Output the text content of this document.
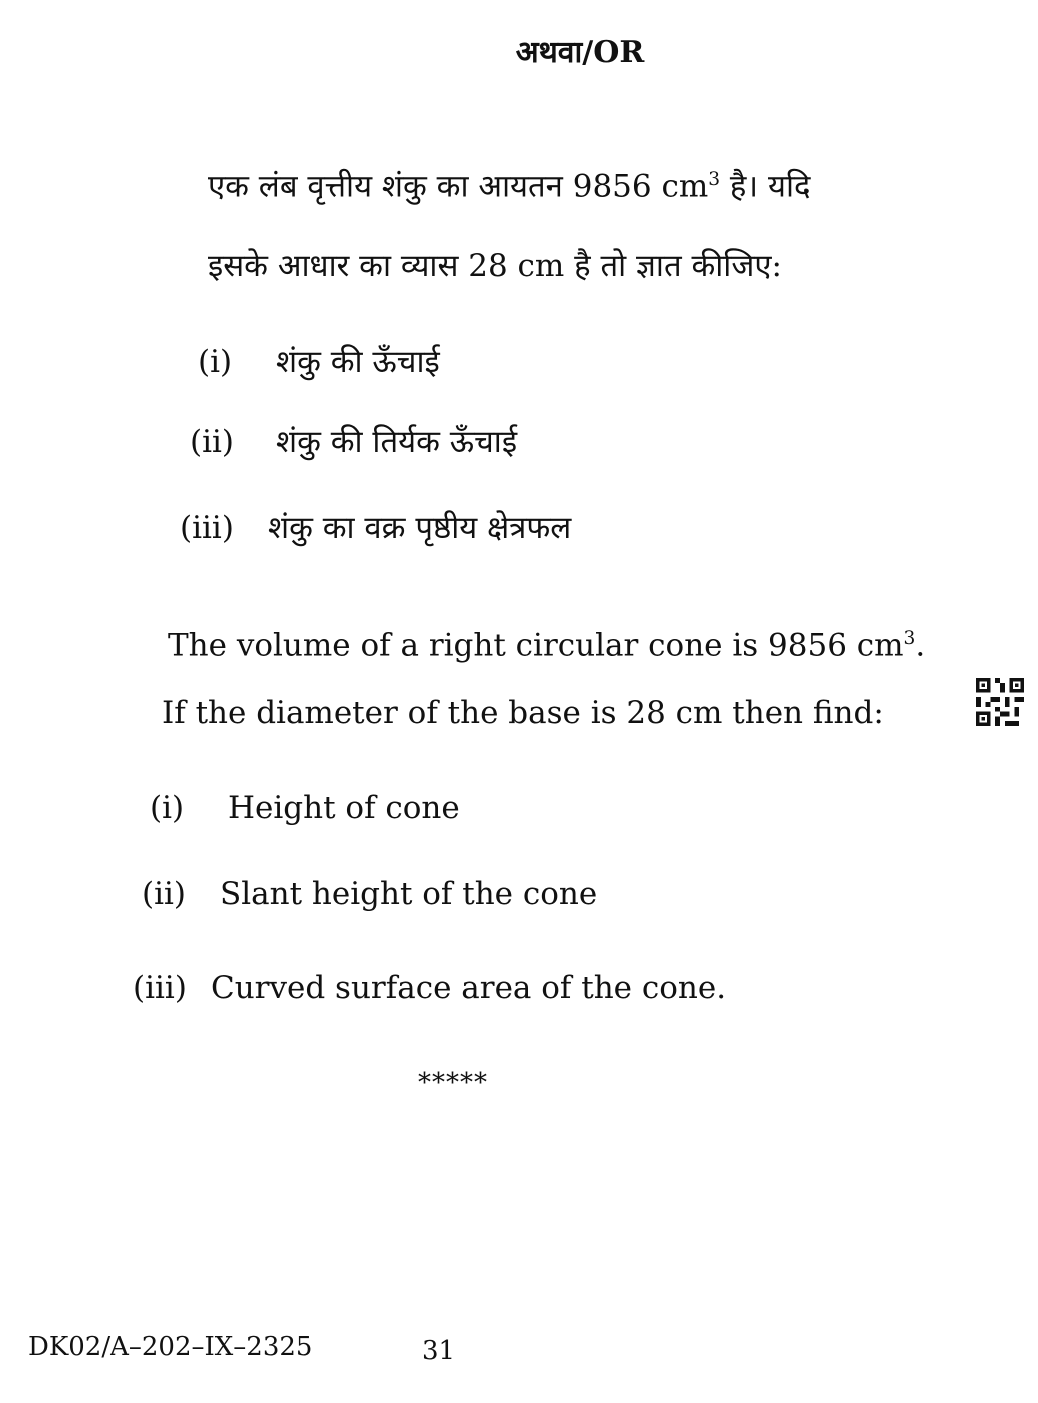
अथवा/OR
एक लंब वृत्तीय शंकु का आयतन 9856 $cm^3$ है। यदि
इसके आधार का व्यास 28 cm है तो ज्ञात कीजिए:
(i)	शंकु की ऊँचाई
(ii)	शंकु की तिर्यक ऊँचाई
(iii)	शंकु का वक्र पृष्ठीय क्षेत्रफल
The volume of a right circular cone is 9856 $cm^3$.
If the diameter of the base is 28 cm then find:
(i)	Height of cone
(ii)	Slant height of the cone
(iii) Curved surface area of the cone.
*****
DK02/A–202–IX–2325	31
